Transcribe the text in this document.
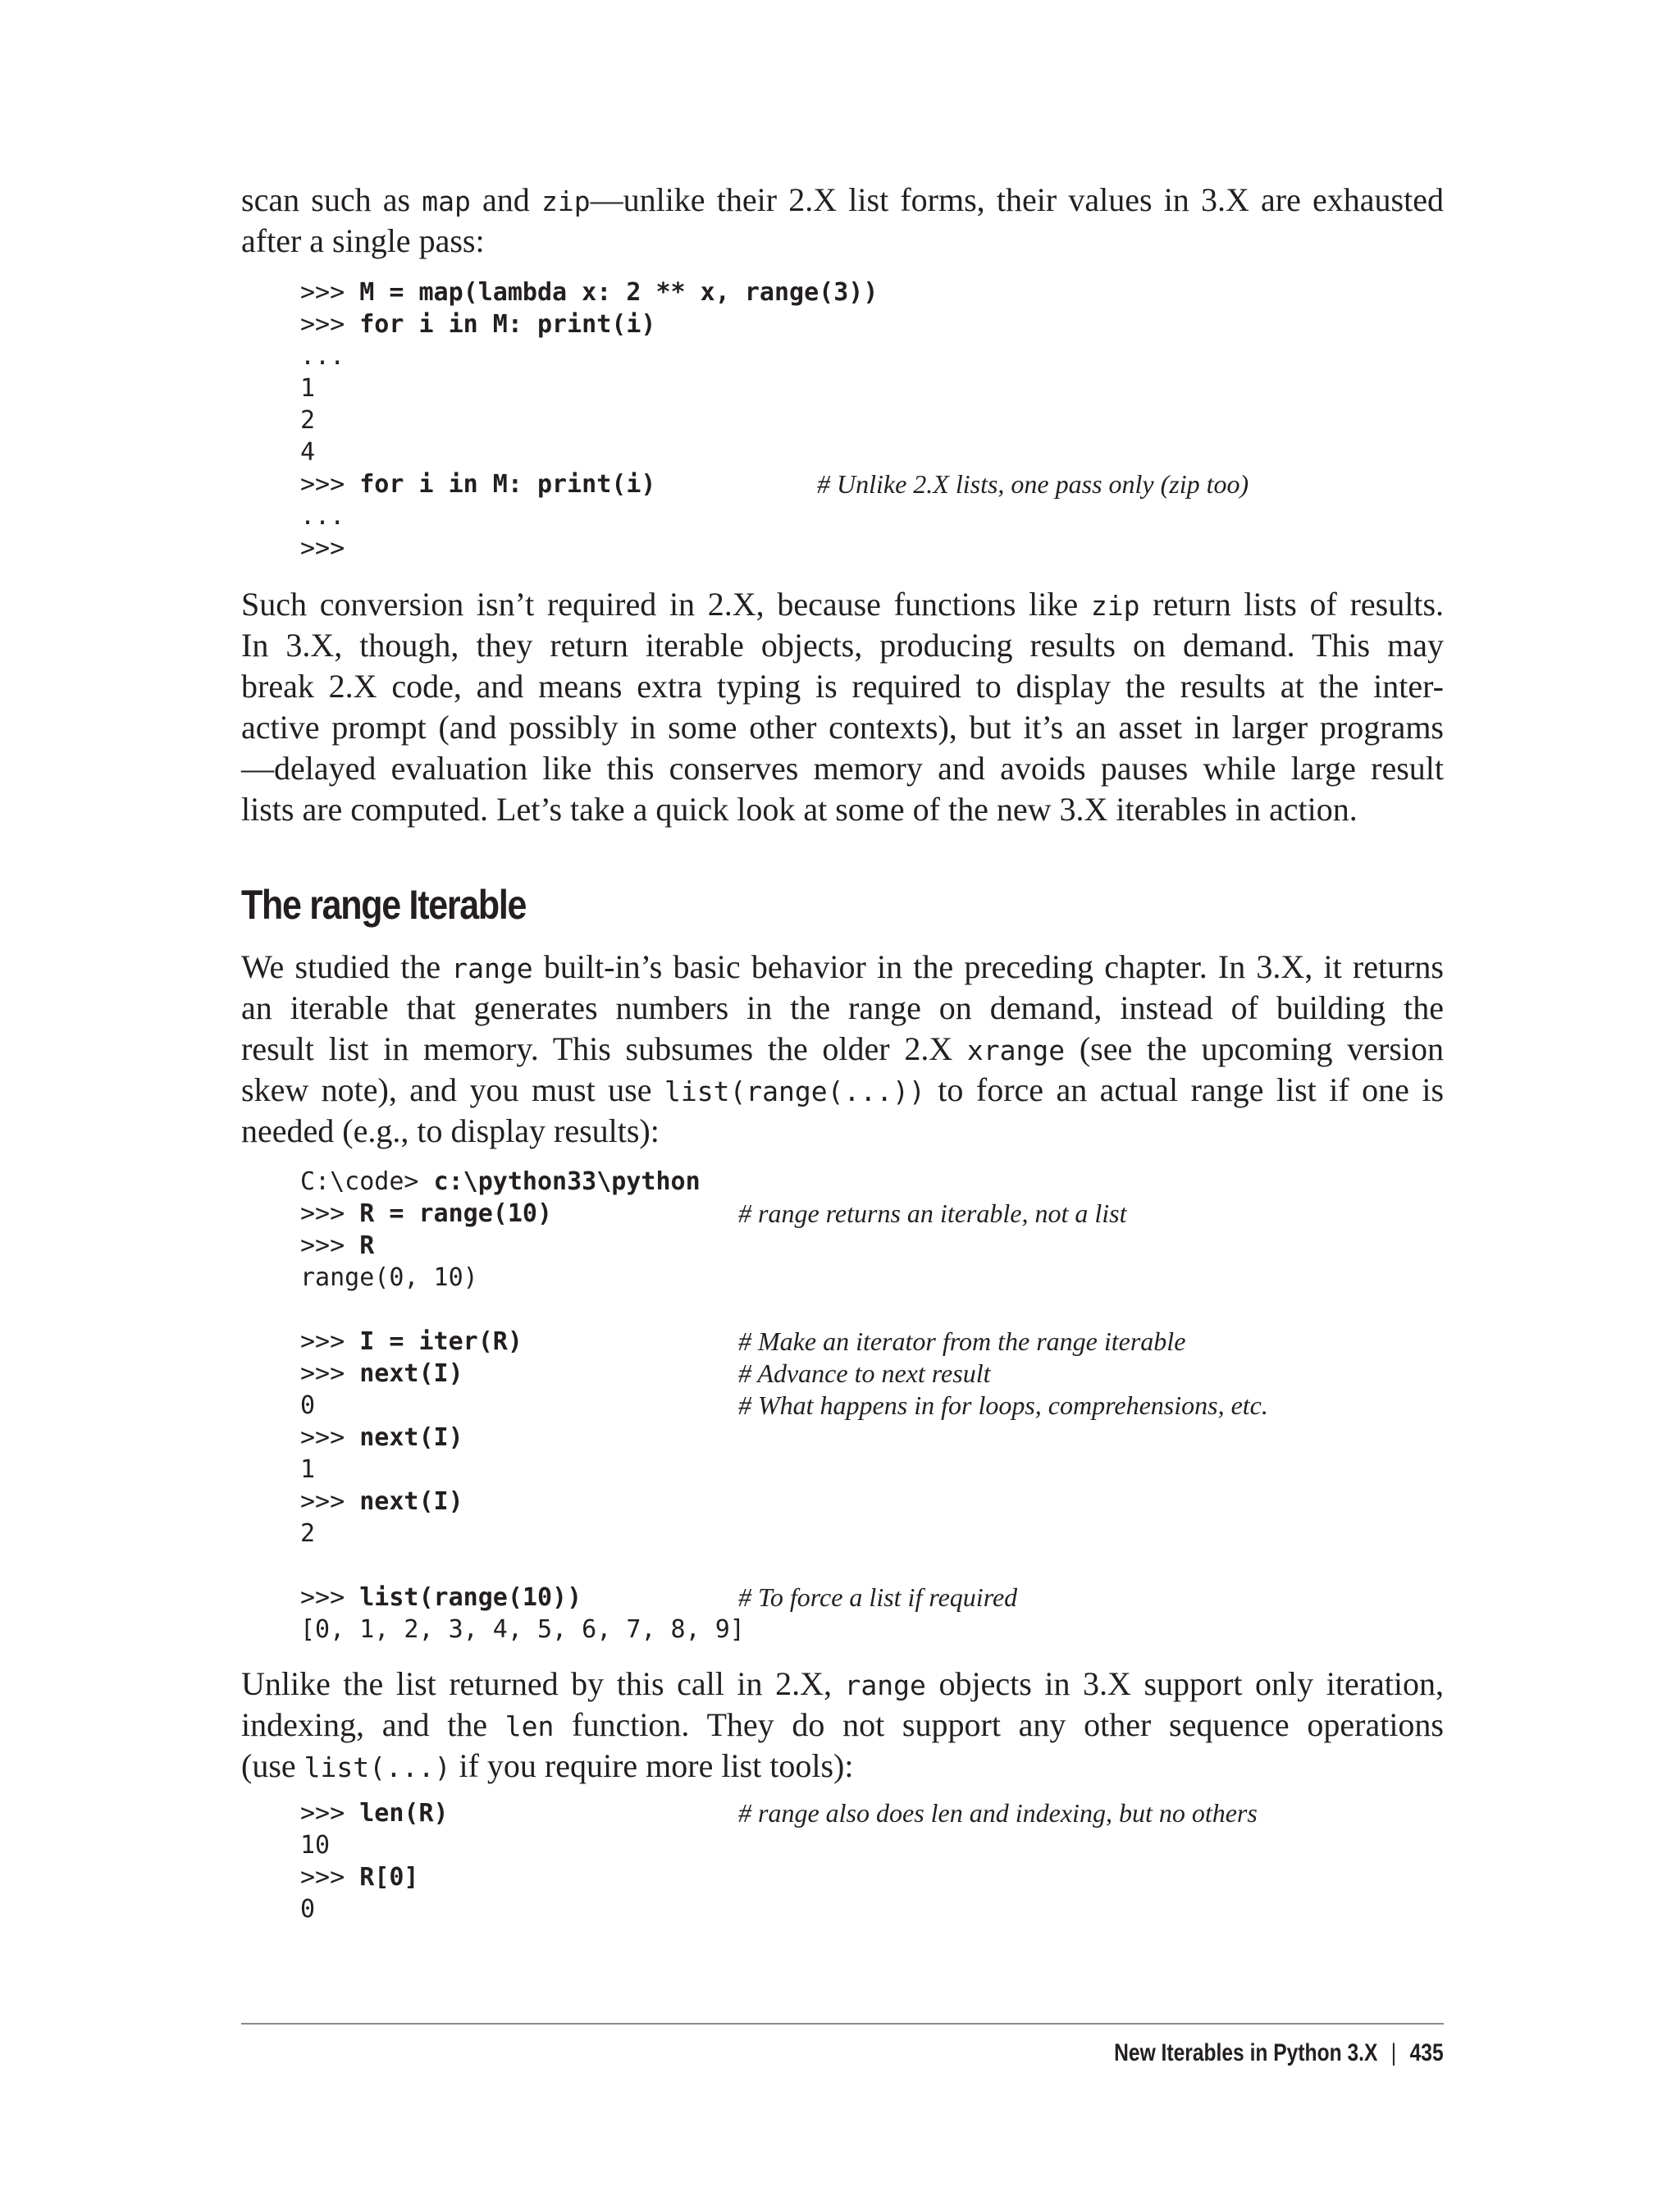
scan such as map and zip—unlike their 2.X list forms, their values in 3.X are exhausted
after a single pass:

>>> M = map(lambda x: 2 ** x, range(3))
>>> for i in M: print(i)
...
1
2
4
>>> for i in M: print(i)	# Unlike 2.X lists, one pass only (zip too)
...
>>>

Such conversion isn’t required in 2.X, because functions like zip return lists of results.
In 3.X, though, they return iterable objects, producing results on demand. This may
break 2.X code, and means extra typing is required to display the results at the inter-
active prompt (and possibly in some other contexts), but it’s an asset in larger programs
—delayed evaluation like this conserves memory and avoids pauses while large result
lists are computed. Let’s take a quick look at some of the new 3.X iterables in action.

The range Iterable

We studied the range built-in’s basic behavior in the preceding chapter. In 3.X, it returns
an iterable that generates numbers in the range on demand, instead of building the
result list in memory. This subsumes the older 2.X xrange (see the upcoming version
skew note), and you must use list(range(...)) to force an actual range list if one is
needed (e.g., to display results):

C:\code> c:\python33\python
>>> R = range(10)	# range returns an iterable, not a list
>>> R
range(0, 10)
>>> I = iter(R)	# Make an iterator from the range iterable
>>> next(I)	# Advance to next result
0	# What happens in for loops, comprehensions, etc.
>>> next(I)
1
>>> next(I)
2
>>> list(range(10))	# To force a list if required
[0, 1, 2, 3, 4, 5, 6, 7, 8, 9]

Unlike the list returned by this call in 2.X, range objects in 3.X support only iteration,
indexing, and the len function. They do not support any other sequence operations
(use list(...) if you require more list tools):

>>> len(R)	# range also does len and indexing, but no others
10
>>> R[0]
0
New Iterables in Python 3.X | 435
